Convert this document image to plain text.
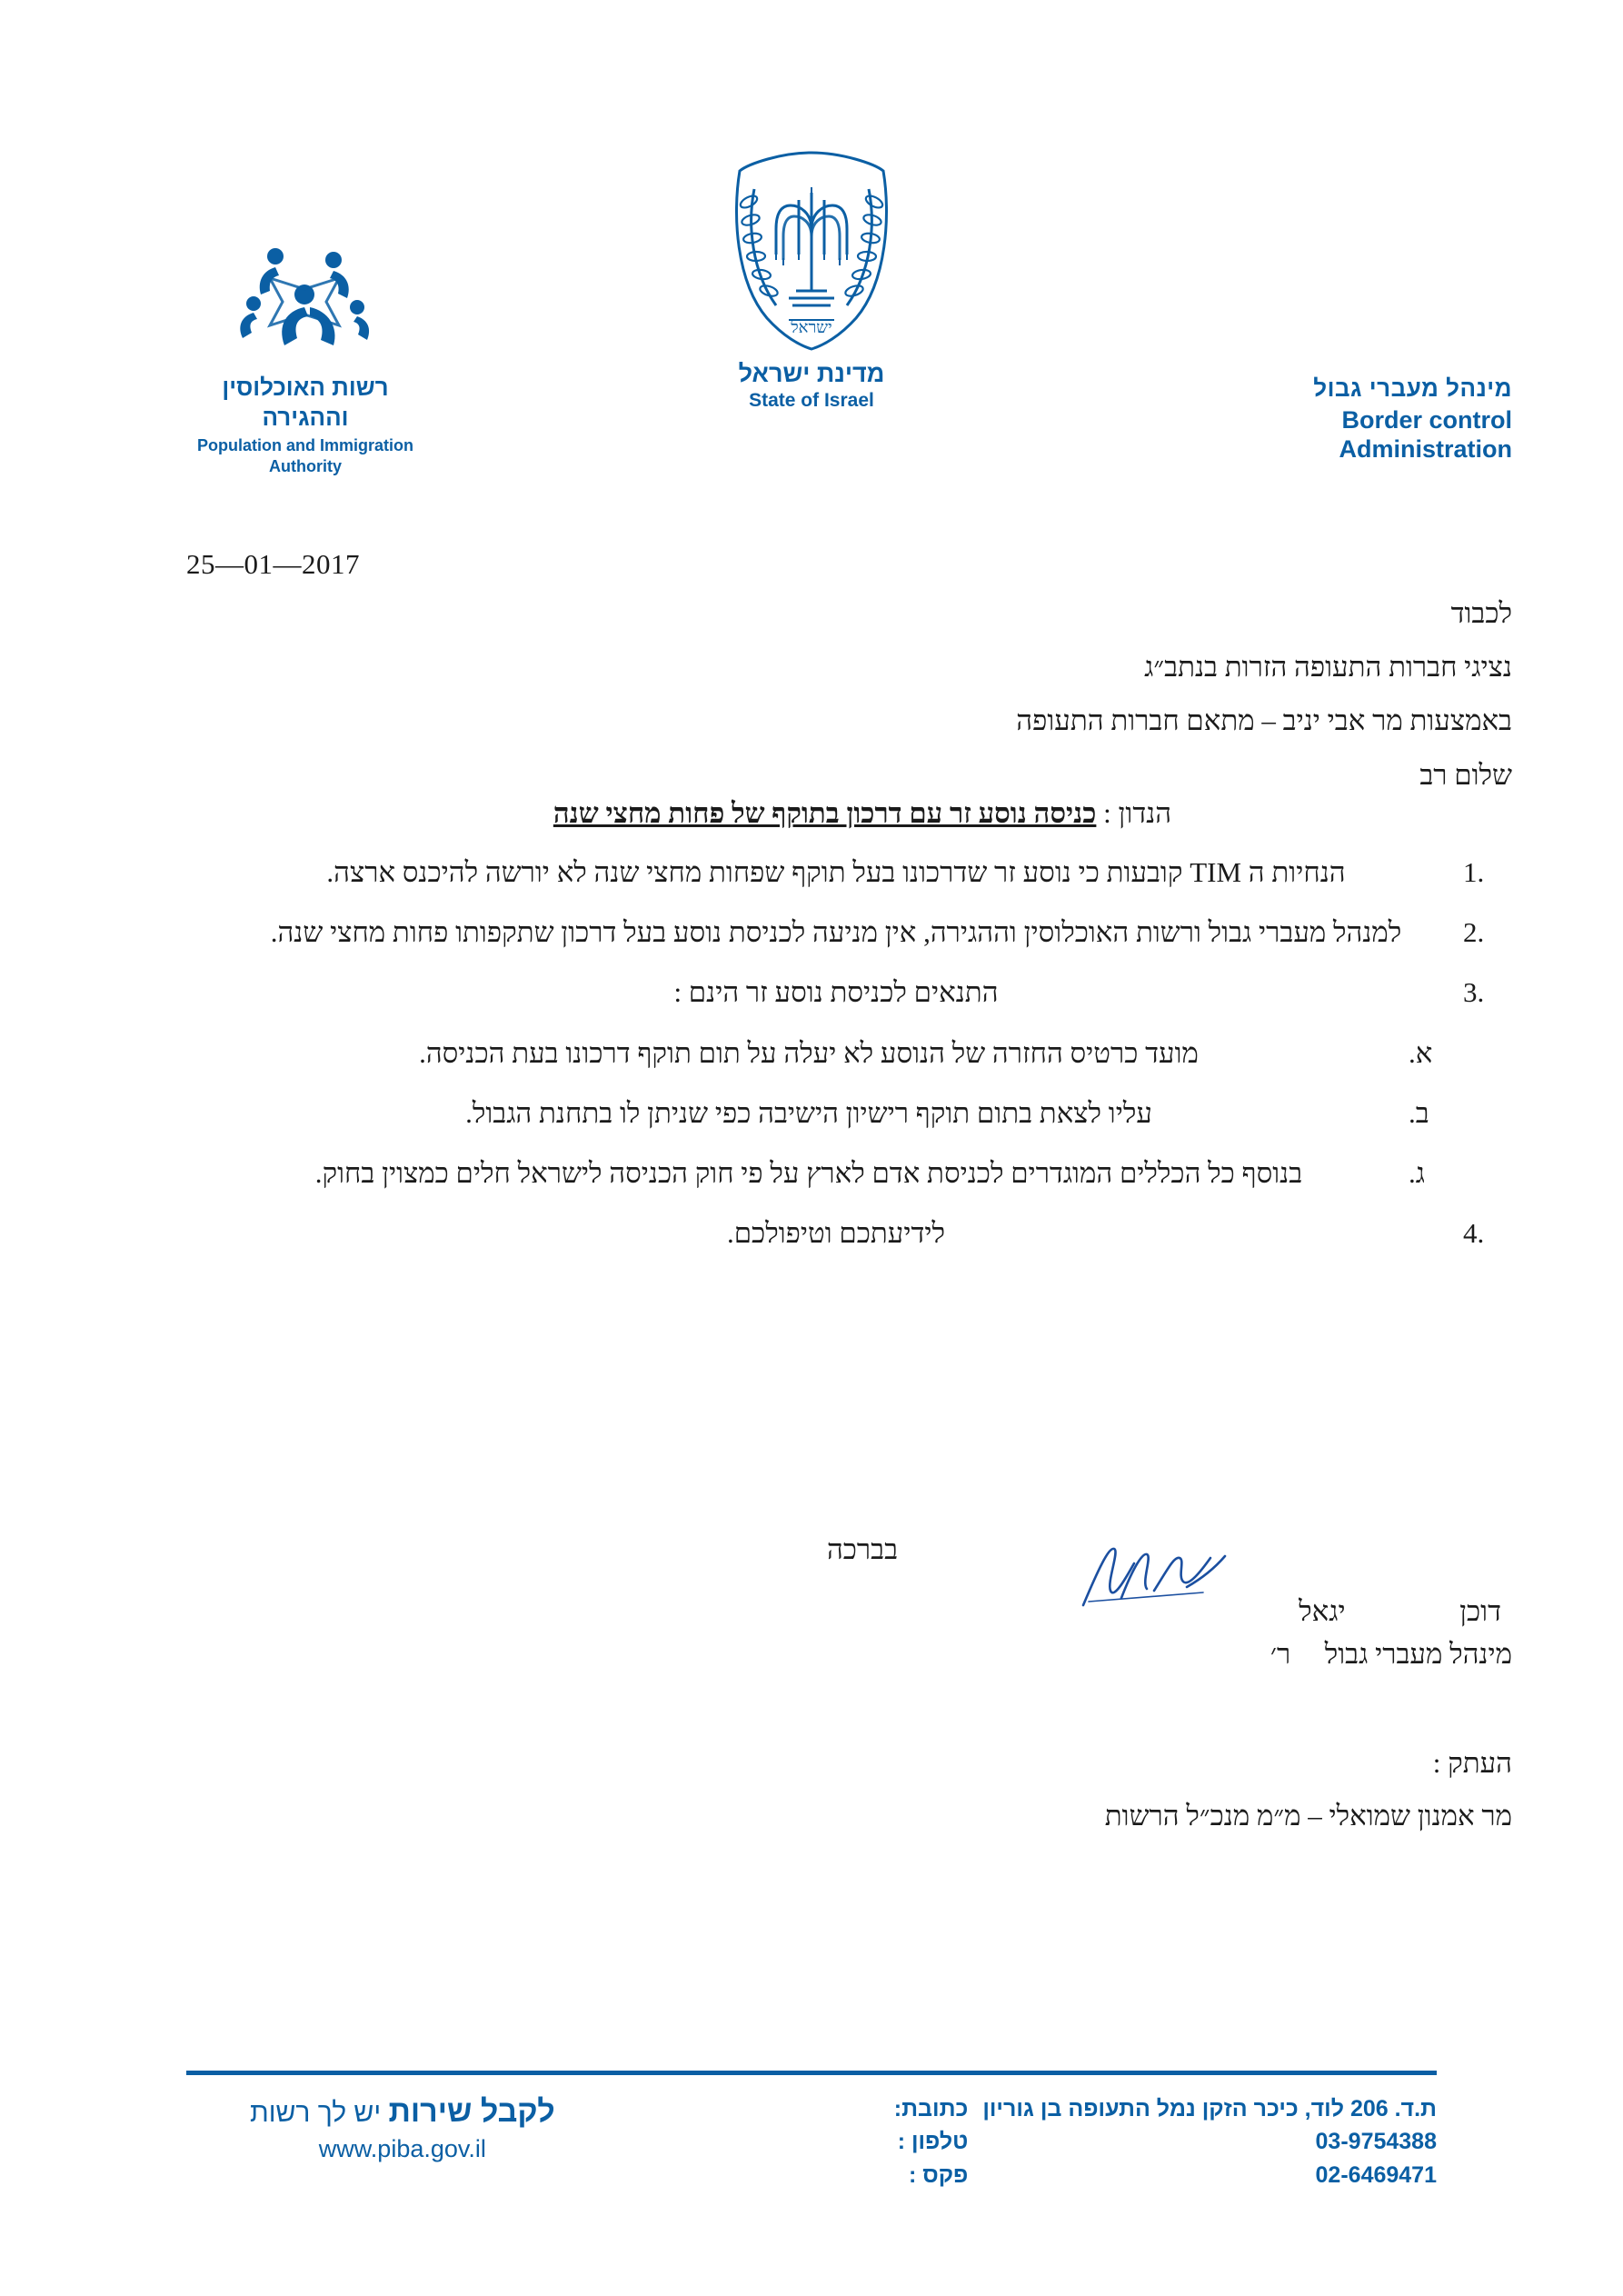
רשות האוכלוסין
וההגירה
Population and Immigration
Authority
ישראל
מדינת ישראל
State of Israel	מינהל מעברי גבול
Border control
Administration
25—01—2017
לכבוד
נציגי חברות התעופה הזרות בנתב״ג
באמצעות מר אבי יניב – מתאם חברות התעופה
שלום רב
הנדון : כניסה נוסע זר עם דרכון בתוקף של פחות מחצי שנה
.1
הנחיות ה TIM קובעות כי נוסע זר שדרכונו בעל תוקף שפחות מחצי שנה לא יורשה להיכנס ארצה.
.2
למנהל מעברי גבול ורשות האוכלוסין וההגירה, אין מניעה לכניסת נוסע בעל דרכון שתקפותו פחות מחצי שנה.
.3
התנאים לכניסת נוסע זר הינם :
א.
מועד כרטיס החזרה של הנוסע לא יעלה על תום תוקף דרכונו בעת הכניסה.
ב.
עליו לצאת בתום תוקף רישיון הישיבה כפי שניתן לו בתחנת הגבול.
ג.
בנוסף כל הכללים המוגדרים לכניסת אדם לארץ על פי חוק הכניסה לישראל חלים כמצוין בחוק.
.4
לידיעתכם וטיפולכם.
בברכה
דוכן  יגאל
מינהל מעברי גבול  ר׳
העתק :
מר אמנון שמואלי – מ״מ מנכ״ל הרשות
כתובת:
טלפון :
פקס :
ת.ד. 206 לוד, כיכר הזקן נמל התעופה בן גוריון
03-9754388
02-6469471
לקבל שירות יש לך רשות
www.piba.gov.il
